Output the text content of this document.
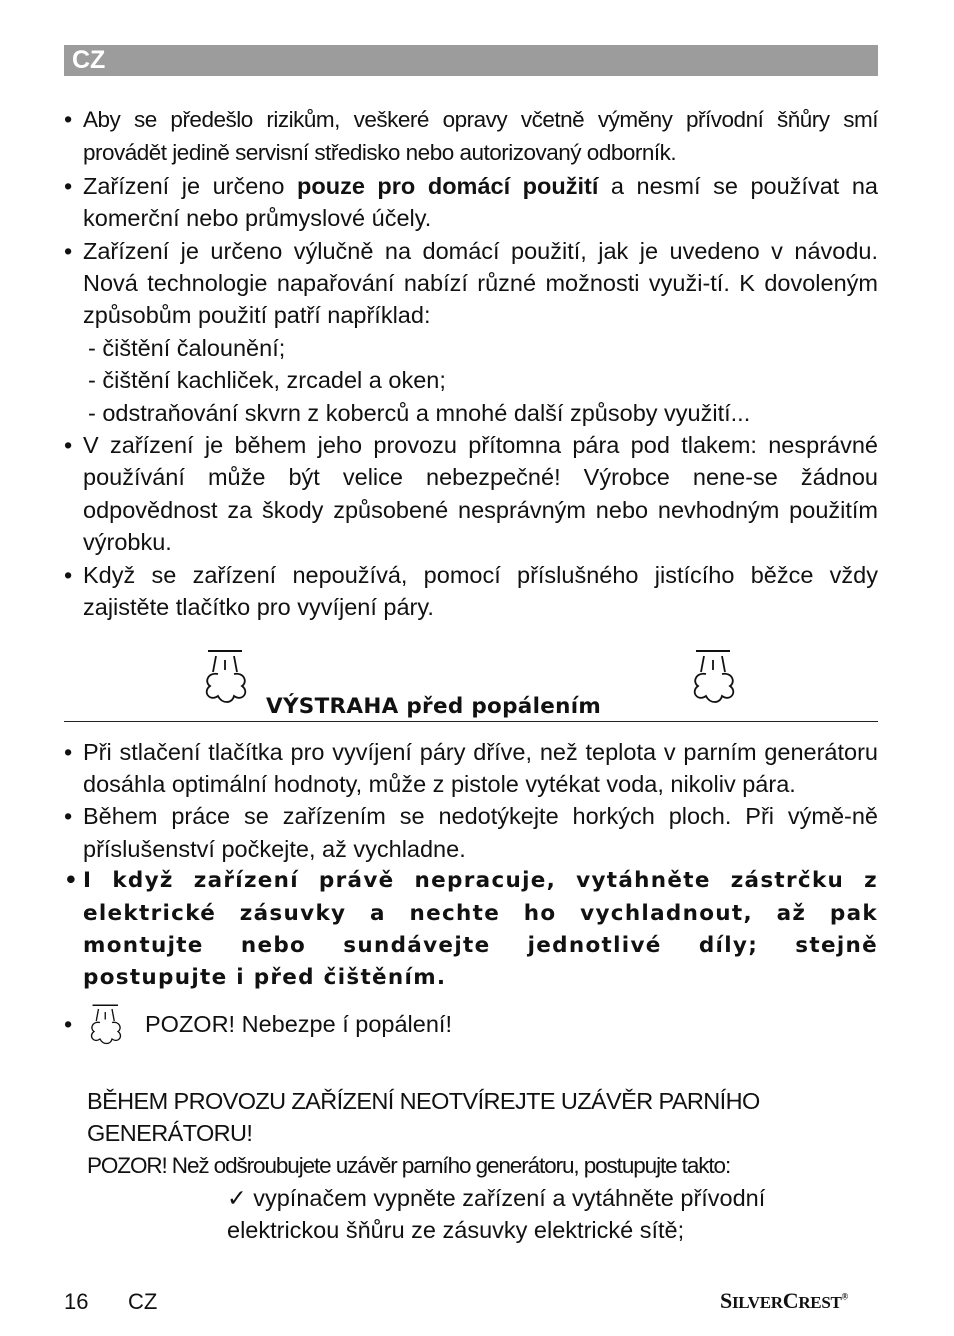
CZ
• Aby se předešlo rizikům, veškeré opravy včetně výměny přívodní šňůry smí provádět jedině servisní středisko nebo autorizovaný odborník.
• Zařízení je určeno pouze pro domácí použití a nesmí se používat na komerční nebo průmyslové účely.
• Zařízení je určeno výlučně na domácí použití, jak je uvedeno v návodu. Nová technologie napařování nabízí různé možnosti využi-tí. K dovoleným způsobům použití patří například:
- čištění čalounění;
- čištění kachliček, zrcadel a oken;
- odstraňování skvrn z koberců a mnohé další způsoby využití...
• V zařízení je během jeho provozu přítomna pára pod tlakem: nesprávné používání může být velice nebezpečné! Výrobce nene-se žádnou odpovědnost za škody způsobené nesprávným nebo nevhodným použitím výrobku.
• Když se zařízení nepoužívá, pomocí příslušného jistícího běžce vždy zajistěte tlačítko pro vyvíjení páry.
VÝSTRAHA před popálením
• Při stlačení tlačítka pro vyvíjení páry dříve, než teplota v parním generátoru dosáhla optimální hodnoty, může z pistole vytékat voda, nikoliv pára.
• Během práce se zařízením se nedotýkejte horkých ploch. Při výmě-ně příslušenství počkejte, až vychladne.
• I když zařízení právě nepracuje, vytáhněte zástrčku z elektrické zásuvky a nechte ho vychladnout, až pak montujte nebo sundávejte jednotlivé díly; stejně postupujte i před čištěním.
•	POZOR! Nebezpe í popálení!
BĚHEM PROVOZU ZAŘÍZENÍ NEOTVÍREJTE UZÁVĚR PARNÍHO GENERÁTORU!
POZOR! Než odšroubujete uzávěr parního generátoru, postupujte takto:
✓ vypínačem vypněte zařízení a vytáhněte přívodní elektrickou šňůru ze zásuvky elektrické sítě;
16 CZ	SILVERCREST®
